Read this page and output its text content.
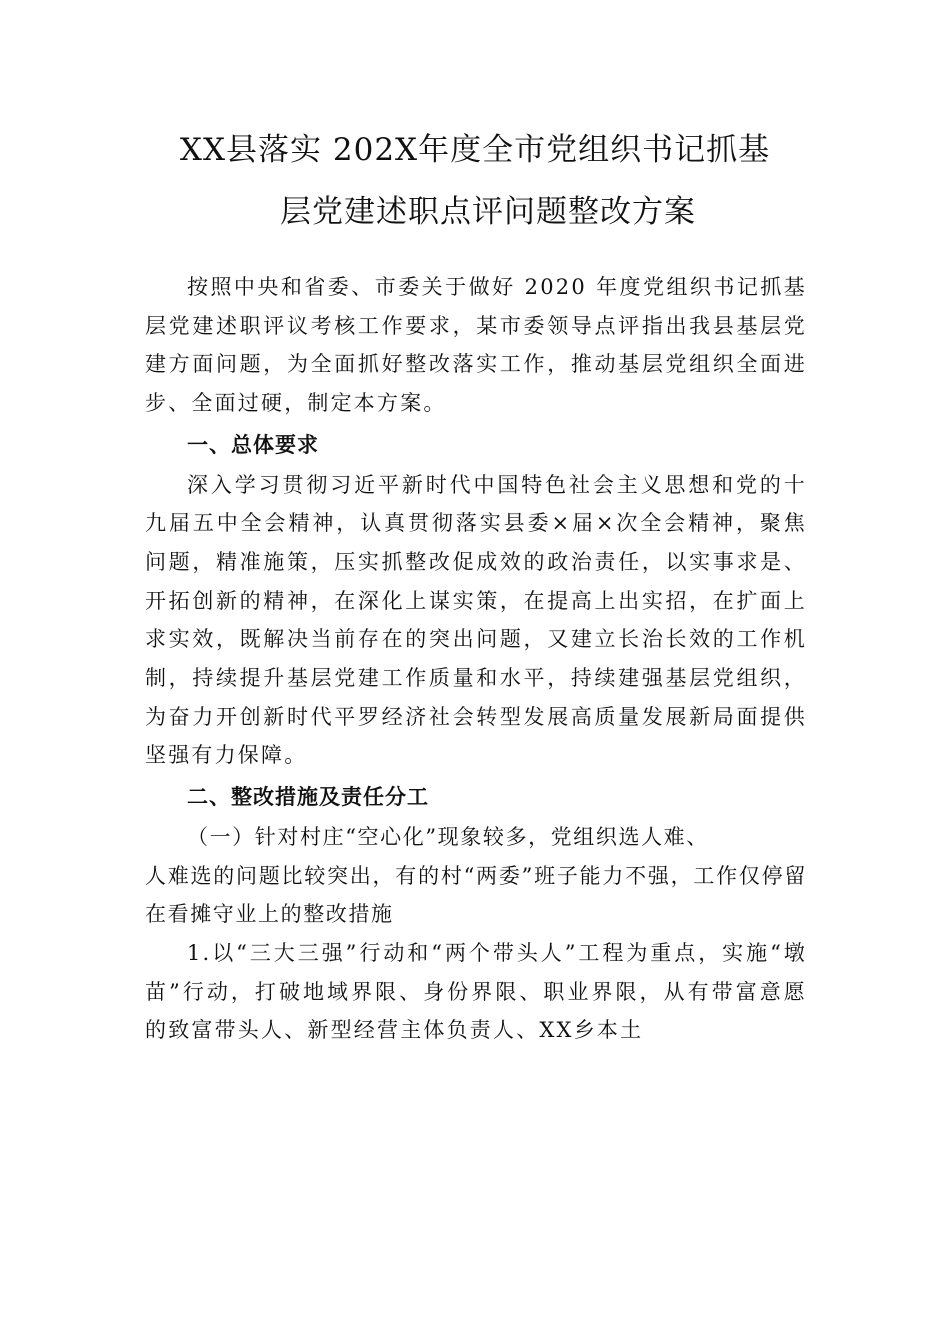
XX县落实 202X年度全市党组织书记抓基
层党建述职点评问题整改方案

按照中央和省委、市委关于做好 2020 年度党组织书记抓基层党建述职评议考核工作要求，某市委领导点评指出我县基层党建方面问题，为全面抓好整改落实工作，推动基层党组织全面进步、全面过硬，制定本方案。

一、总体要求

深入学习贯彻习近平新时代中国特色社会主义思想和党的十九届五中全会精神，认真贯彻落实县委×届×次全会精神，聚焦问题，精准施策，压实抓整改促成效的政治责任，以实事求是、开拓创新的精神，在深化上谋实策，在提高上出实招，在扩面上求实效，既解决当前存在的突出问题，又建立长治长效的工作机制，持续提升基层党建工作质量和水平，持续建强基层党组织，为奋力开创新时代平罗经济社会转型发展高质量发展新局面提供坚强有力保障。

二、整改措施及责任分工

（一）针对村庄“空心化”现象较多，党组织选人难、
人难选的问题比较突出，有的村“两委”班子能力不强，工作仅停留在看摊守业上的整改措施

1.以“三大三强”行动和“两个带头人”工程为重点，实施“墩苗”行动，打破地域界限、身份界限、职业界限，从有带富意愿的致富带头人、新型经营主体负责人、XX乡本土
